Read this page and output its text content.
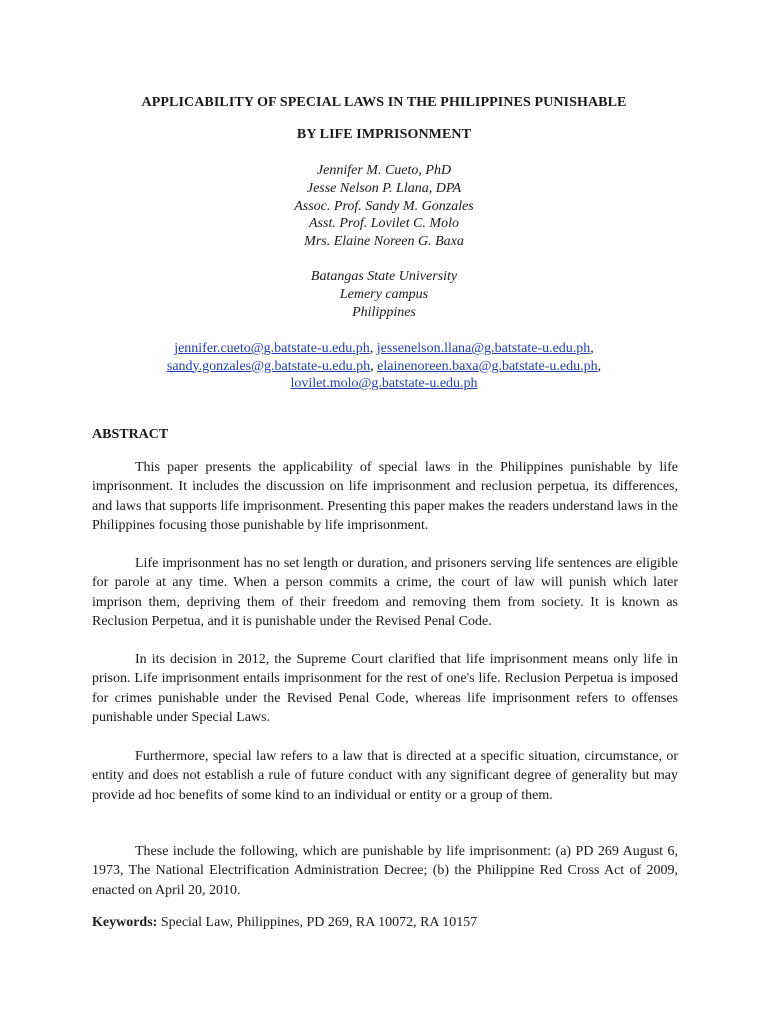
APPLICABILITY OF SPECIAL LAWS IN THE PHILIPPINES PUNISHABLE
BY LIFE IMPRISONMENT
Jennifer M. Cueto, PhD
Jesse Nelson P. Llana, DPA
Assoc. Prof. Sandy M. Gonzales
Asst. Prof. Lovilet C. Molo
Mrs. Elaine Noreen G. Baxa
Batangas State University
Lemery campus
Philippines
jennifer.cueto@g.batstate-u.edu.ph, jessenelson.llana@g.batstate-u.edu.ph,
sandy.gonzales@g.batstate-u.edu.ph, elainenoreen.baxa@g.batstate-u.edu.ph,
lovilet.molo@g.batstate-u.edu.ph
ABSTRACT

This paper presents the applicability of special laws in the Philippines punishable by life imprisonment. It includes the discussion on life imprisonment and reclusion perpetua, its differences, and laws that supports life imprisonment. Presenting this paper makes the readers understand laws in the Philippines focusing those punishable by life imprisonment.

Life imprisonment has no set length or duration, and prisoners serving life sentences are eligible for parole at any time. When a person commits a crime, the court of law will punish which later imprison them, depriving them of their freedom and removing them from society. It is known as Reclusion Perpetua, and it is punishable under the Revised Penal Code.

In its decision in 2012, the Supreme Court clarified that life imprisonment means only life in prison. Life imprisonment entails imprisonment for the rest of one's life. Reclusion Perpetua is imposed for crimes punishable under the Revised Penal Code, whereas life imprisonment refers to offenses punishable under Special Laws.

Furthermore, special law refers to a law that is directed at a specific situation, circumstance, or entity and does not establish a rule of future conduct with any significant degree of generality but may provide ad hoc benefits of some kind to an individual or entity or a group of them.

These include the following, which are punishable by life imprisonment: (a) PD 269 August 6, 1973, The National Electrification Administration Decree; (b) the Philippine Red Cross Act of 2009, enacted on April 20, 2010.

Keywords: Special Law, Philippines, PD 269, RA 10072, RA 10157
